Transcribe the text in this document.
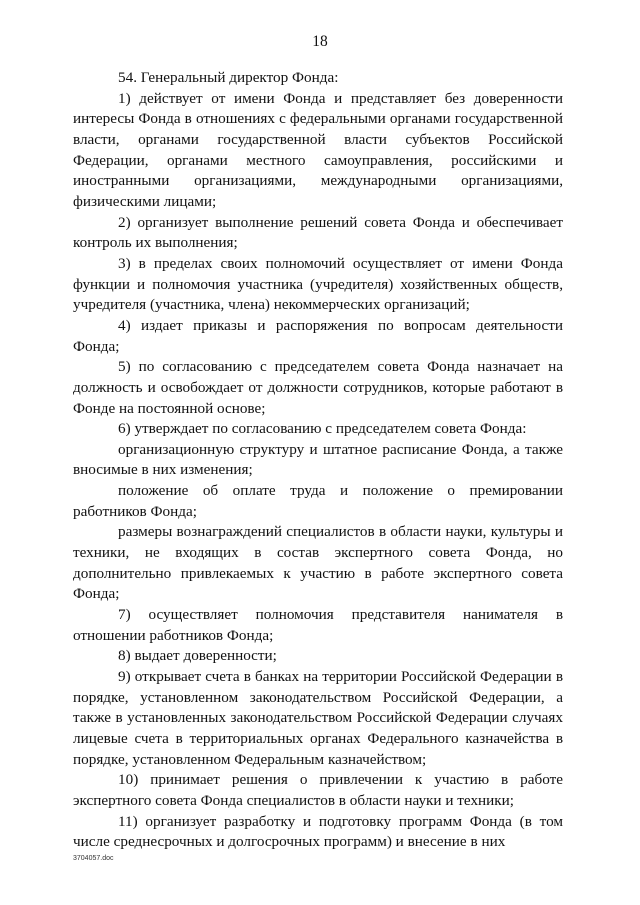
18

54. Генеральный директор Фонда:

1) действует от имени Фонда и представляет без доверенности интересы Фонда в отношениях с федеральными органами государственной власти, органами государственной власти субъектов Российской Федерации, органами местного самоуправления, российскими и иностранными организациями, международными организациями, физическими лицами;

2) организует выполнение решений совета Фонда и обеспечивает контроль их выполнения;

3) в пределах своих полномочий осуществляет от имени Фонда функции и полномочия участника (учредителя) хозяйственных обществ, учредителя (участника, члена) некоммерческих организаций;

4) издает приказы и распоряжения по вопросам деятельности Фонда;

5) по согласованию с председателем совета Фонда назначает на должность и освобождает от должности сотрудников, которые работают в Фонде на постоянной основе;

6) утверждает по согласованию с председателем совета Фонда:

организационную структуру и штатное расписание Фонда, а также вносимые в них изменения;

положение об оплате труда и положение о премировании работников Фонда;

размеры вознаграждений специалистов в области науки, культуры и техники, не входящих в состав экспертного совета Фонда, но дополнительно привлекаемых к участию в работе экспертного совета Фонда;

7) осуществляет полномочия представителя нанимателя в отношении работников Фонда;

8) выдает доверенности;

9) открывает счета в банках на территории Российской Федерации в порядке, установленном законодательством Российской Федерации, а также в установленных законодательством Российской Федерации случаях лицевые счета в территориальных органах Федерального казначейства в порядке, установленном Федеральным казначейством;

10) принимает решения о привлечении к участию в работе экспертного совета Фонда специалистов в области науки и техники;

11) организует разработку и подготовку программ Фонда (в том числе среднесрочных и долгосрочных программ) и внесение в них

3704057.doc
